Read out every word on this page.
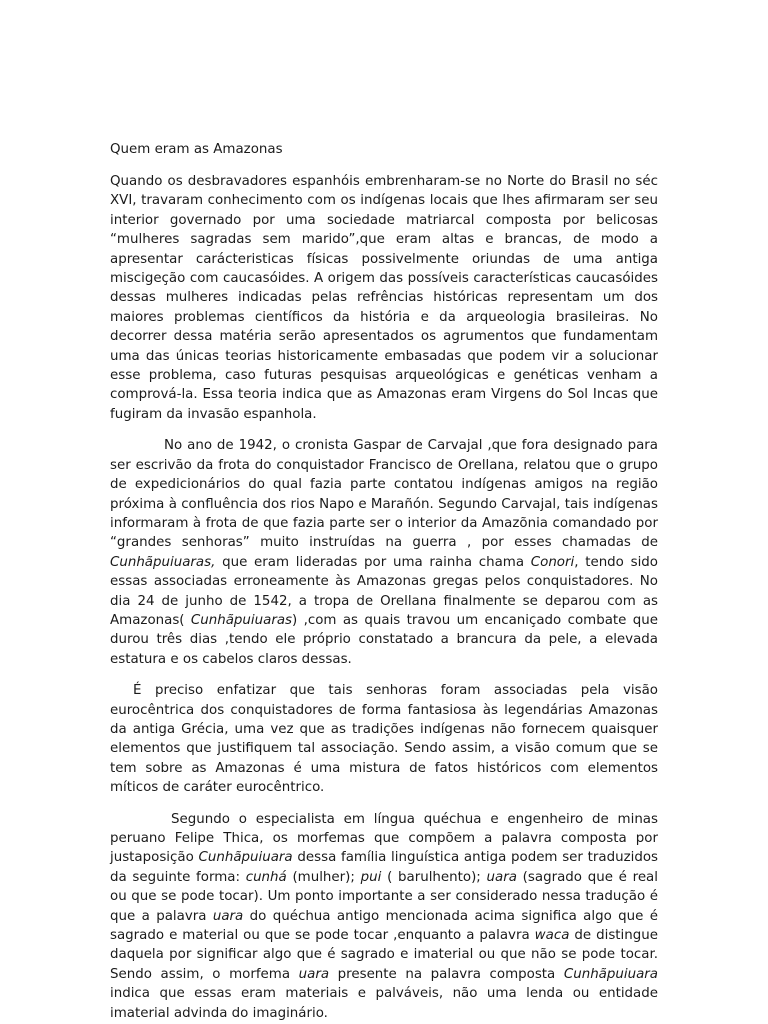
Quem eram as Amazonas

Quando os desbravadores espanhóis embrenharam-se no Norte do Brasil no séc XVI, travaram conhecimento com os indígenas locais que lhes afirmaram ser seu interior governado por uma sociedade matriarcal composta por belicosas “mulheres sagradas sem marido”,que eram altas e brancas, de modo a apresentar carácteristicas físicas possivelmente oriundas de uma antiga miscigeção com caucasóides. A origem das possíveis características caucasóides dessas mulheres indicadas pelas refrências históricas representam um dos maiores problemas científicos da história e da arqueologia brasileiras. No decorrer dessa matéria serão apresentados os agrumentos que fundamentam uma das únicas teorias historicamente embasadas que podem vir a solucionar esse problema, caso futuras pesquisas arqueológicas e genéticas venham a comprová-la. Essa teoria indica que as Amazonas eram Virgens do Sol Incas que fugiram da invasão espanhola.

No ano de 1942, o cronista Gaspar de Carvajal ,que fora designado para ser escrivão da frota do conquistador Francisco de Orellana, relatou que o grupo de expedicionários do qual fazia parte contatou indígenas amigos na região próxima à confluência dos rios Napo e Marañón. Segundo Carvajal, tais indígenas informaram à frota de que fazia parte ser o interior da Amazõnia comandado por “grandes senhoras” muito instruídas na guerra , por esses chamadas de Cunhãpuiuaras, que eram lideradas por uma rainha chama Conori, tendo sido essas associadas erroneamente às Amazonas gregas pelos conquistadores. No dia 24 de junho de 1542, a tropa de Orellana finalmente se deparou com as Amazonas( Cunhãpuiuaras) ,com as quais travou um encaniçado combate que durou três dias ,tendo ele próprio constatado a brancura da pele, a elevada estatura e os cabelos claros dessas.

É preciso enfatizar que tais senhoras foram associadas pela visão eurocêntrica dos conquistadores de forma fantasiosa às legendárias Amazonas da antiga Grécia, uma vez que as tradições indígenas não fornecem quaisquer elementos que justifiquem tal associação. Sendo assim, a visão comum que se tem sobre as Amazonas é uma mistura de fatos históricos com elementos míticos de caráter eurocêntrico.

Segundo o especialista em língua quéchua e engenheiro de minas peruano Felipe Thica, os morfemas que compõem a palavra composta por justaposição Cunhãpuiuara dessa família linguística antiga podem ser traduzidos da seguinte forma: cunhá (mulher); pui ( barulhento); uara (sagrado que é real ou que se pode tocar). Um ponto importante a ser considerado nessa tradução é que a palavra uara do quéchua antigo mencionada acima significa algo que é sagrado e material ou que se pode tocar ,enquanto a palavra waca de distingue daquela por significar algo que é sagrado e imaterial ou que não se pode tocar. Sendo assim, o morfema uara presente na palavra composta Cunhãpuiuara indica que essas eram materiais e palváveis, não uma lenda ou entidade imaterial advinda do imaginário.
